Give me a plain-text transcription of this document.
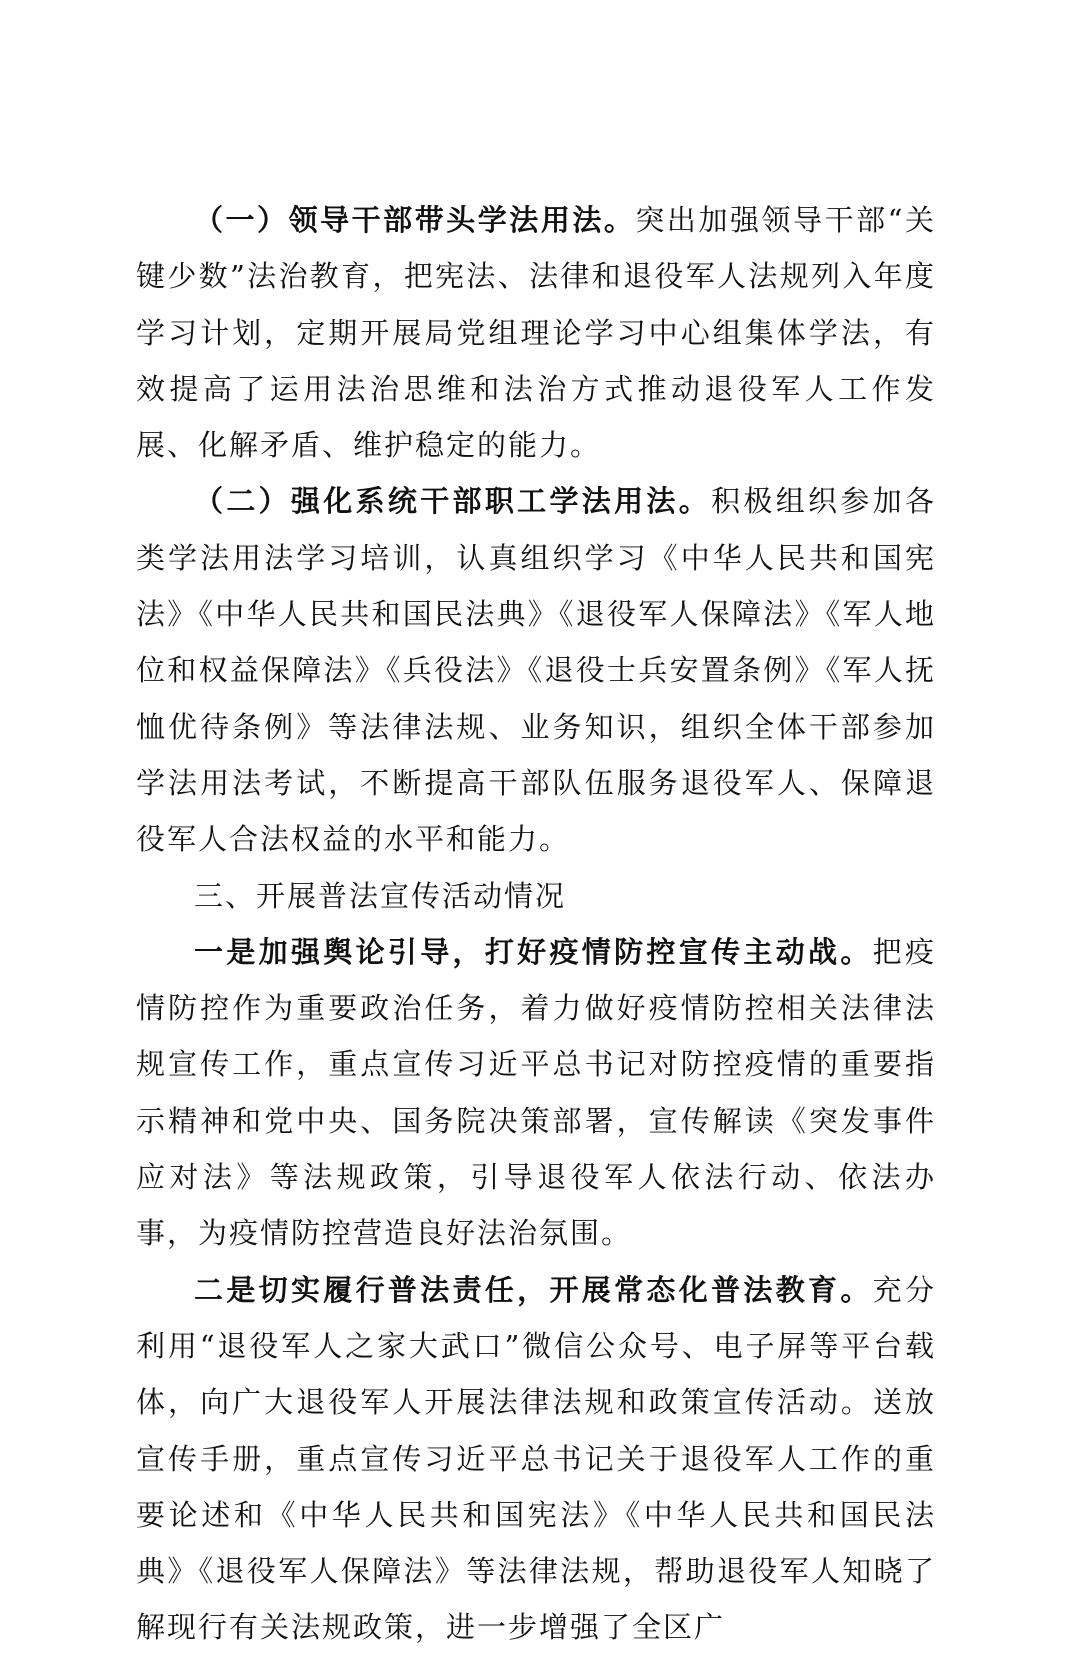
（一）领导干部带头学法用法。突出加强领导干部“关键少数”法治教育，把宪法、法律和退役军人法规列入年度学习计划，定期开展局党组理论学习中心组集体学法，有效提高了运用法治思维和法治方式推动退役军人工作发展、化解矛盾、维护稳定的能力。

（二）强化系统干部职工学法用法。积极组织参加各类学法用法学习培训，认真组织学习《中华人民共和国宪法》《中华人民共和国民法典》《退役军人保障法》《军人地位和权益保障法》《兵役法》《退役士兵安置条例》《军人抚恤优待条例》等法律法规、业务知识，组织全体干部参加学法用法考试，不断提高干部队伍服务退役军人、保障退役军人合法权益的水平和能力。

三、开展普法宣传活动情况

一是加强舆论引导，打好疫情防控宣传主动战。把疫情防控作为重要政治任务，着力做好疫情防控相关法律法规宣传工作，重点宣传习近平总书记对防控疫情的重要指示精神和党中央、国务院决策部署，宣传解读《突发事件应对法》等法规政策，引导退役军人依法行动、依法办事，为疫情防控营造良好法治氛围。

二是切实履行普法责任，开展常态化普法教育。充分利用“退役军人之家大武口”微信公众号、电子屏等平台载体，向广大退役军人开展法律法规和政策宣传活动。送放宣传手册，重点宣传习近平总书记关于退役军人工作的重要论述和《中华人民共和国宪法》《中华人民共和国民法典》《退役军人保障法》等法律法规，帮助退役军人知晓了解现行有关法规政策，进一步增强了全区广
